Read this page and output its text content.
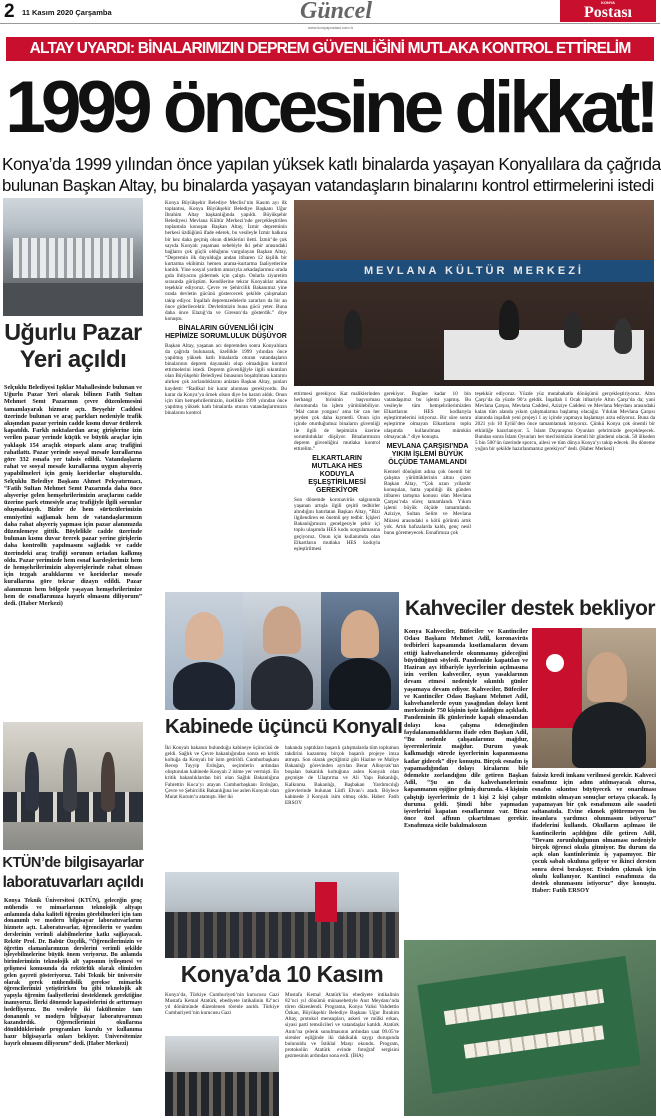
2 11 Kasım 2020 Çarşamba	Güncel
www.konyapostasi.com.tr
KONYA
Postası
ALTAY UYARDI: BİNALARIMIZIN DEPREM GÜVENLİĞİNİ MUTLAKA KONTROL ETTİRELİM
1999 öncesine dikkat!
Konya’da 1999 yılından önce yapılan yüksek katlı binalarda yaşayan Konyalılara da çağrıda
bulunan Başkan Altay, bu binalarda yaşayan vatandaşların binalarını kontrol ettirmelerini istedi
Uğurlu Pazar
Yeri açıldı

Selçuklu Belediyesi Işıklar Mahallesinde bulunan ve Uğurlu Pazar Yeri olarak bilinen Fatih Sultan Mehmet Semt Pazarının çevre düzenlemesini tamamlayarak hizmete açtı. Beyşehir Caddesi üzerinde bulunan ve araç parkları nedeniyle trafik akışından pazar yerinin cadde kısmı duvar örülerek kapatıldı. Farklı noktalardan araç girişlerine izin verilen pazar yerinde küçük ve büyük araçlar için yaklaşık 154 araçlık otopark alanı araç trafiğini rahatlattı. Pazar yerinde sosyal mesafe kurallarına göre 332 esnafa yer tahsis edildi. Vatandaşların rahat ve sosyal mesafe kurallarına uygun alışveriş yapabilmeleri için geniş koridorlar oluşturuldu. Selçuklu Belediye Başkanı Ahmet Pekyatırmacı, “Fatih Sultan Mehmet Semt Pazarında daha önce alışverişe gelen hemşehrilerimizin araçlarını cadde üzerine park etmesiyle araç trafiğiyle ilgili sorunlar oluşmaktaydı. Bizler de hem sürücülerimizin emniyetini sağlamak hem de vatandaşlarımızın daha rahat alışveriş yapması için pazar alanımızda düzenlemeye gittik. Böylelikle cadde üzerinde bulunan kısmı duvar örerek pazar yerine girişlerin daha kontrollü yapılmasını sağladık ve cadde üzerindeki araç trafiği sorunun ortadan kalkmış oldu. Pazar yerimizde hem esnaf kardeşlerimiz hem de hemşehrilerimizin alışverişlerinde rahat olması için tezgah aralıklarını ve koridorlar mesafe kurallarına göre tekrar dizayn edildi. Pazar alanımızın hem bölgede yaşayan hemşehrilerimize hem de esnaflarımıza hayırlı olmasını diliyorum” dedi. (Haber Merkezi)

KTÜN’de bilgisayarlar
laboratuvarları açıldı

Konya Teknik Üniversitesi (KTÜN), geleceğin genç mühendis ve mimarlarının teknolojik altyapı anlamında daha kaliteli öğrenim görebilmeleri için tam donanımlı ve modern bilgisayar laboratuvarlarını hizmete açtı. Laboratuvarlar, öğrencilerin ve yazılım derslerinin verimli alabilmelerine katkı sağlayacak. Rektör Prof. Dr. Babür Özçelik, “Öğrencilerimizin ve öğretim elamanlarımızın derslerini verimli şekilde işleyebilmelerine büyük önem veriyoruz. Bu anlamda birimlerimizin teknolojik alt yapısının iyileşmesi ve gelişmesi konusunda da rektörlük olarak elimizden gelen gayreti gösteriyoruz. Tabi Teknik bir üniversite olarak gerek mühendislik gerekse mimarlık öğrencilerimizi yetiştirirken bu gibi teknolojik alt yapıyla öğrenim faaliyetlerini desteklemek gerektiğine inanıyoruz. İlerki dönemde kapasitelerini de arttırmayı hedefliyoruz. Bu vesileyle iki fakültemize tam donanımlı ve modern bilgisayar laboratuvarımızı kazandırdık. Öğrencilerimizi okullarına dönüldüklerinde programları kurulu ve kullanıma hazır bilgisayarla onları bekliyor. Üniversitemize hayırlı olmasını diliyorum” dedi. (Haber Merkezi)

Konya Büyükşehir Belediye Meclisi’nin Kasım ayı ilk toplantısı, Konya Büyükşehir Belediye Başkanı Uğur İbrahim Altay başkanlığında yapıldı. Büyükşehir Belediyesi Mevlana Kültür Merkezi’nde gerçekleştirilen toplantıda konuşan Başkan Altay, İzmir depreminin herkesi üzdüğünü ifade ederek, bu vesileyle İzmir halkına bir kez daha geçmiş olsun dileklerini iletti. İzmir’de çok sayıda Konyalı yaşaması sebebiyle iki şehir arasındaki bağların çok güçlü olduğunu vurgulayan Başkan Altay, “Depremin ilk duyulduğu andan itibaren 12 kişilik bir kurtarma ekibimiz hemen arama-kurtarma faaliyetlerine katıldı. Yine sosyal yardım amacıyla arkadaşlarımız orada gıda ihtiyacını gidermek için çalıştı. Onlarla ziyaretim sırasında görüştüm. Kendilerine tekrar Konyalılar adına teşekkür ediyoruz. Çevre ve Şehircilik Bakanımız yine orada devletin gücünü göstercecek şekilde çalışmaları takip ediyor. İnşallah depremzedelerin zararları da bir an önce giderilecektir. Devletimizin buna gücü yeter. Buna daha önce Elazığ’da ve Giresun’da gösterdik.” diye konuştu.

BİNALARIN GÜVENLİĞİ İÇİN HEPİMİZE SORUMLULUK DÜŞÜYOR

Başkan Altay, yaşanan acı depremden sonra Konyalılara da çağrıda bulunarak, özellikle 1999 yılından önce yapılmış yüksek katlı binalarda oturan vatandaşların binalarının deprem dayanaklı olup olmadığını kontrol ettirmelerini istedi. Deprem güvenliğiyle ilgili sıkıntıları olan Büyükşehir Belediyesi binasının boşaltılması kararını alırken çok zorlandıklarını anlatan Başkan Altay, şunları kaydetti: “Radikal bir karar alınması gerekiyordu. Bu karar da Konya’ya örnek olsun diye bu kararı aldık. Onun için tüm hemşehrilerimizin, özellikle 1999 yılından önce yapılmış yüksek katlı binalarda oturan vatandaşlarımızın binalarını kontrol

MEVLANA KÜLTÜR MERKEZİ

ettirmesi gerekiyor. Kat maliklerinden herhangi birisinin başvurması durumunda bu işlem yürütülebiliyor. ‘Mal canın yongası’ ama bir can her şeyden çok daha kıymetli. Onun için içinde oturduğumuz binaların güvenliği ile ilgili de hepimizin üzerine sorumluluklar düşüyor. Binalarımızın deprem güvenliğini mutlaka kontrol ettirelim.”

ELKARTLARIN MUTLAKA HES KODUYLA EŞLEŞTİRİLMESİ GEREKİYOR

Son dönemde koronavirüs salgınında yaşanan artışla ilgili çeşitli tedbirler alındığını hatırlatan Başkan Altay, “Bizi ilgilendiren en önemli şey tedbir. İçişleri Bakanlığımızın genelgesiyle şehir içi toplu ulaşımda HES kodu sorgulamasına geçiyoruz. Onun için kullanımda olan Elkartların mutlaka HES koduyla eşleştirilmesi

gerekiyor. Bugüne kadar 10 bin vatandaşımız bu işlemi yapmış. Bu vesileyle tüm hemşehrilerimizden Elkartlarını HES kodlarıyla eşleştirmelerini istiyoruz. Bir süre sonra eşleştirme olmayan Elkartların toplu ulaşımda kullanılması mümkün olmayacak.” diye konuştu.

MEVLANA ÇARŞISI’NDA YIKIM İŞLEMİ BÜYÜK ÖLÇÜDE TAMAMLANDI

Kentsel dönüşüm adına çok önemli bir çalışma yürüttüklerinin altını çizen Başkan Altay, “Çok uzun yıllardır konuşulan, hatta yapıldığı ilk günden itibaren tartışma konusu olan Mevlana Çarşısı’nda süreç tamamlandı. Yıkım işlemi büyük ölçüde tamamlandı. Aziziye, Sultan Selim ve Mevlana Müzesi arasındaki o kötü görüntü artık yok. Artık hafızalarda kaldı, genç nesil bunu göremeyecek. Esnafımıza çok

teşekkür ediyoruz. Yüzde yüz mutabakatla dönüşümü gerçekleştiriyoruz. Altın Çarşı’da da yüzde 90’a geldik. İnşallah 1 Ocak itibariyle Altın Çarşı’da da; yani Mevlana Çarşısı, Mevlana Caddesi, Aziziye Caddesi ve Mevlana Meydanı arasındaki kalan tüm alanda yıkım çalışmalarına başlamış olacağız. Yıkılan Mevlana Çarşısı alanında inşallah yeni projeyi 1 ay içinde yapmaya başlamayı arzu ediyoruz. Buna da 2021 yılı 10 Eylül’den önce tamamlamak istiyoruz. Çünkü Konya çok önemli bir etkinliğe hazırlanıyor. 5. İslam Dayanışma Oyunları şehrimizde gerçekleşecek. Bundan sonra İslam Oyunları her meclisimizin önemli bir gündemi olacak. 50 ülkeden 5 bin 500’ün üzerinde sporcu, ailesi ve tüm dünya Konya’yı takip edecek. Bu döneme yoğun bir şekilde hazırlanmamız gerekiyor” dedi. (Haber Merkezi)

Kabinede üçüncü Konyalı

İki Konyalı bakanın bulunduğu kabineye üçüncüsü de geldi. Sağlık ve Çevre bakanlığından sonra en kritik koltuğa da Konyalı bir isim getirildi. Cumhurbaşkanı Recep Tayyip Erdoğan, seçimlerin ardından oluşturulan kabinede Konyalı 2 isime yer vermişti. En kritik bakanlıklardan biri olan Sağlık Bakanlığına Fahrettin Koca’yı atayan Cumhurbaşkanı Erdoğan, Çevre ve Şehircilik Bakanlığına ise aslen Konyalı olan Murat Kurum’u atamıştı. Her iki

bakanda yaptıkları başarılı çalışmalarda tüm toplumun takdirini kazanmış birçok başarılı projeye imza atmıştı. Son olarak geçtiğimiz gün Hazine ve Maliye Bakanlığı görevinden ayrılan Berat Albayrak’tan boşalan bakanlık koltuğuna aslen Konyalı olan geçmişte de Ulaştırma ve Ali Yapı Bakanlığı, Kalkınma Bakanlığı, Başbakan Yardımcılığı görevlerinde bulunan Lütfi Elvan’ı atadı. Böylece kabinede 3 Konyalı isim olmuş oldu. Haber: Fatih ERSOY

Kahveciler destek bekliyor

Konya Kahveciler, Büfeciler ve Kantinciler Odası Başkanı Mehmet Adil, koronavirüs tedbirleri kapsamında kısıtlamaların devam ettiği kahvehanelerde okunmamış gideceğini büyüdüğünü söyledi. Pandemide kapatılan ve Haziran ayı itibariyle işyerlerinin açılmasına izin verilen kahveciler, oyun yasaklarının devam etmesi nedeniyle sıkıntılı günler yaşamaya devam ediyor. Kahveciler, Büfeciler ve Kantinciler Odası Başkanı Mehmet Adil, kahvehanelerde oyun yasağından dolayı kent merkezinde 750 kişinin işsiz kaldığını açıkladı. Pandeminin ilk günlerinde kapalı olmasından dolayı kısa çalışma ödeneğinden faydalanamadıklarını ifade eden Başkan Adil, “Bu nedenle çalışanlarımız mağdur, işverenlerimiz mağdur. Durum yasak kalkmadığı sürede işyerlerinin kapanmasına kadar gidecek” diye konuştu. Birçok esnafın iş yapamadığından dolayı kiralarını bile ödemekte zorlandığını dile getiren Başkan Adil, “Şu an da kahvehanelerimiz kapanmanın eşiğine gelmiş durumda. 4 kişinin çalıştığı işyerlerimiz de 1 kişi 2 kişi çalışır duruma geldi. Şimdi hibe yapmadan işverlerini kapatan esnaflarımız var. Biraz önce özel affının çıkartılması gerekir. Esnafımıza sicile bakılmaksızın

faizsiz kredi imkanı verilmesi gerekir. Kahveci esnafımız için adım atılmayacak olursa, esnafın sıkıntısı büyüyecek ve onarılması mümkün olmayan sonuçlar ortaya çıkacak. İş yapamayan bir çok esnafımızın aile saadeti saltanatıda. Evine ekmek götüremeyen bu insanlara yardımcı olunmasını istiyoruz” ifadelerini kullandı. Okulların açılması ile kantincilerin açıldığını dile getiren Adil, “Devam zorunluluğunun olmaması nedeniyle birçok öğrenci okula gitmiyor. Bu durum da açık olan kantinlerimiz iş yapamıyor. Bir çocuk sabah okuluna geliyor ve ikinci dersten sonra dersi bırakıyor. Evinden çıkmak için okulu kullanıyor. Kantinci esnafımıza da destek olunmasını istiyoruz” diye konuştu. Haber: Fatih ERSOY

Konya’da 10 Kasım

Konya’da, Türkiye Cumhuriyeti’nin kurucusu Gazi Mustafa Kemal Atatürk, ebediyete intikalinin 82’nci yıl dönümünde düzenlenen törenle anıldı. Türkiye Cumhuriyeti’nin kurucusu Gazi

Mustafa Kemal Atatürk’ün ebediyete intikalinin 82’nci yıl dönümü münasebetiyle Anıt Meydanı’nda tören düzenlendi. Programa, Konya Valisi Vahdettin Özkan, Büyükşehir Belediye Başkanı Uğur İbrahim Altay, protokol mensupları, askeri ve mülki erkan, siyasi parti temsilcileri ve vatandaşlar katıldı. Atatürk Anıtı’na çelenk sunulmasının ardından saat 09.05’te sirenler eşliğinde iki dakikalık saygı duruşunda bulunuldu ve İstiklal Marşı okundu. Program, protokolün Atatürk evinde fotoğraf sergisini gezmesinin ardından sona erdi. (İHA)
